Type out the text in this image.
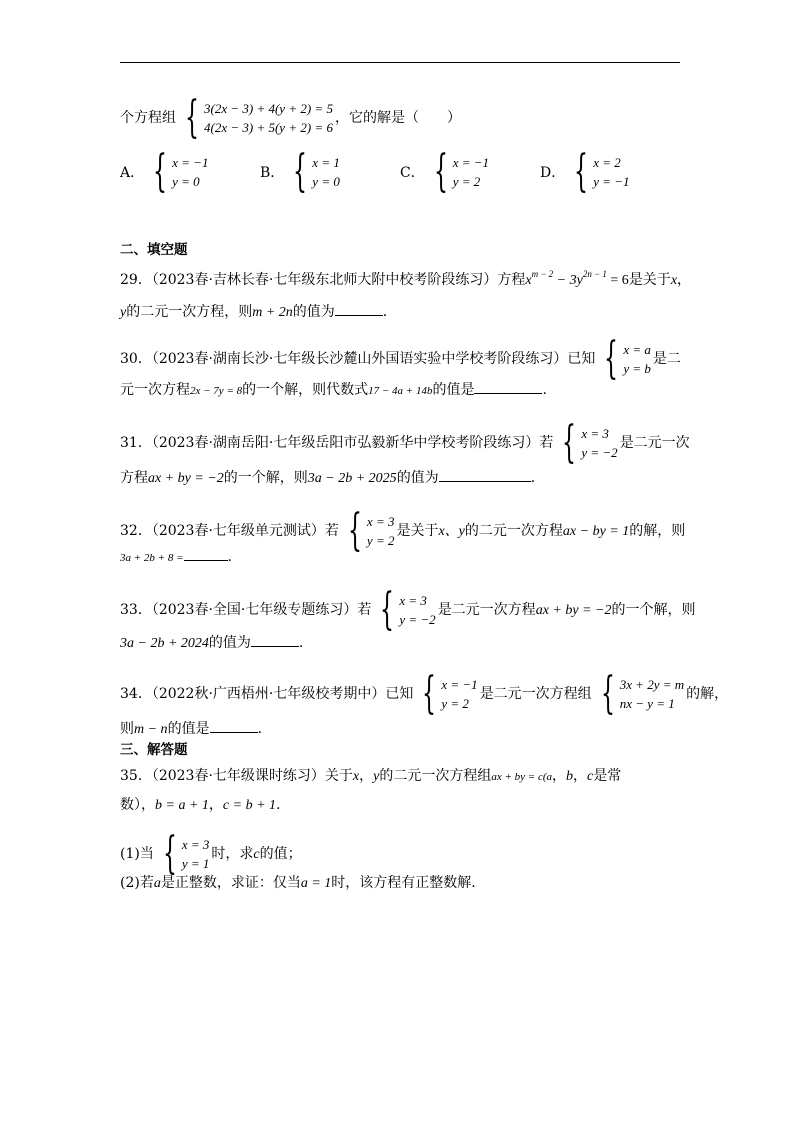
个方程组 { 3(2x − 3) + 4(y + 2) = 5
4(2x − 3) + 5(y + 2) = 6
，它的解是（　　）
A． { x = −1
y = 0
B． { x = 1
y = 0
C． { x = −1
y = 2
D． { x = 2
y = −1
二、填空题
29．（2023春·吉林长春·七年级东北师大附中校考阶段练习）方程$x^{m - 2} - 3y^{2n - 1} = 6$是关于x，
y的二元一次方程，则m + 2n的值为	.
30．（2023春·湖南长沙·七年级长沙麓山外国语实验中学校考阶段练习）已知 { x = a
y = b
是二
元一次方程2x − 7y = 8的一个解，则代数式17 − 4a + 14b的值是	.
31．（2023春·湖南岳阳·七年级岳阳市弘毅新华中学校考阶段练习）若 { x = 3
y = −2
是二元一次
方程ax + by = −2的一个解，则3a − 2b + 2025的值为	.
32．（2023春·七年级单元测试）若 { x = 3
y = 2
是关于x、y的二元一次方程ax − by = 1的解，则
3a + 2b + 8 =	.
33．（2023春·全国·七年级专题练习）若 { x = 3
y = −2
是二元一次方程ax + by = −2的一个解，则
3a − 2b + 2024的值为	.
34．（2022秋·广西梧州·七年级校考期中）已知 { x = −1
y = 2
是二元一次方程组 { 3x + 2y = m
nx − y = 1
的解，
则m − n的值是	.
三、解答题
35．（2023春·七年级课时练习）关于x，y的二元一次方程组ax + by = c(a，b，c是常
数），b = a + 1，c = b + 1.
(1)当 { x = 3
y = 1
时，求c的值；
(2)若a是正整数，求证：仅当a = 1时，该方程有正整数解.
